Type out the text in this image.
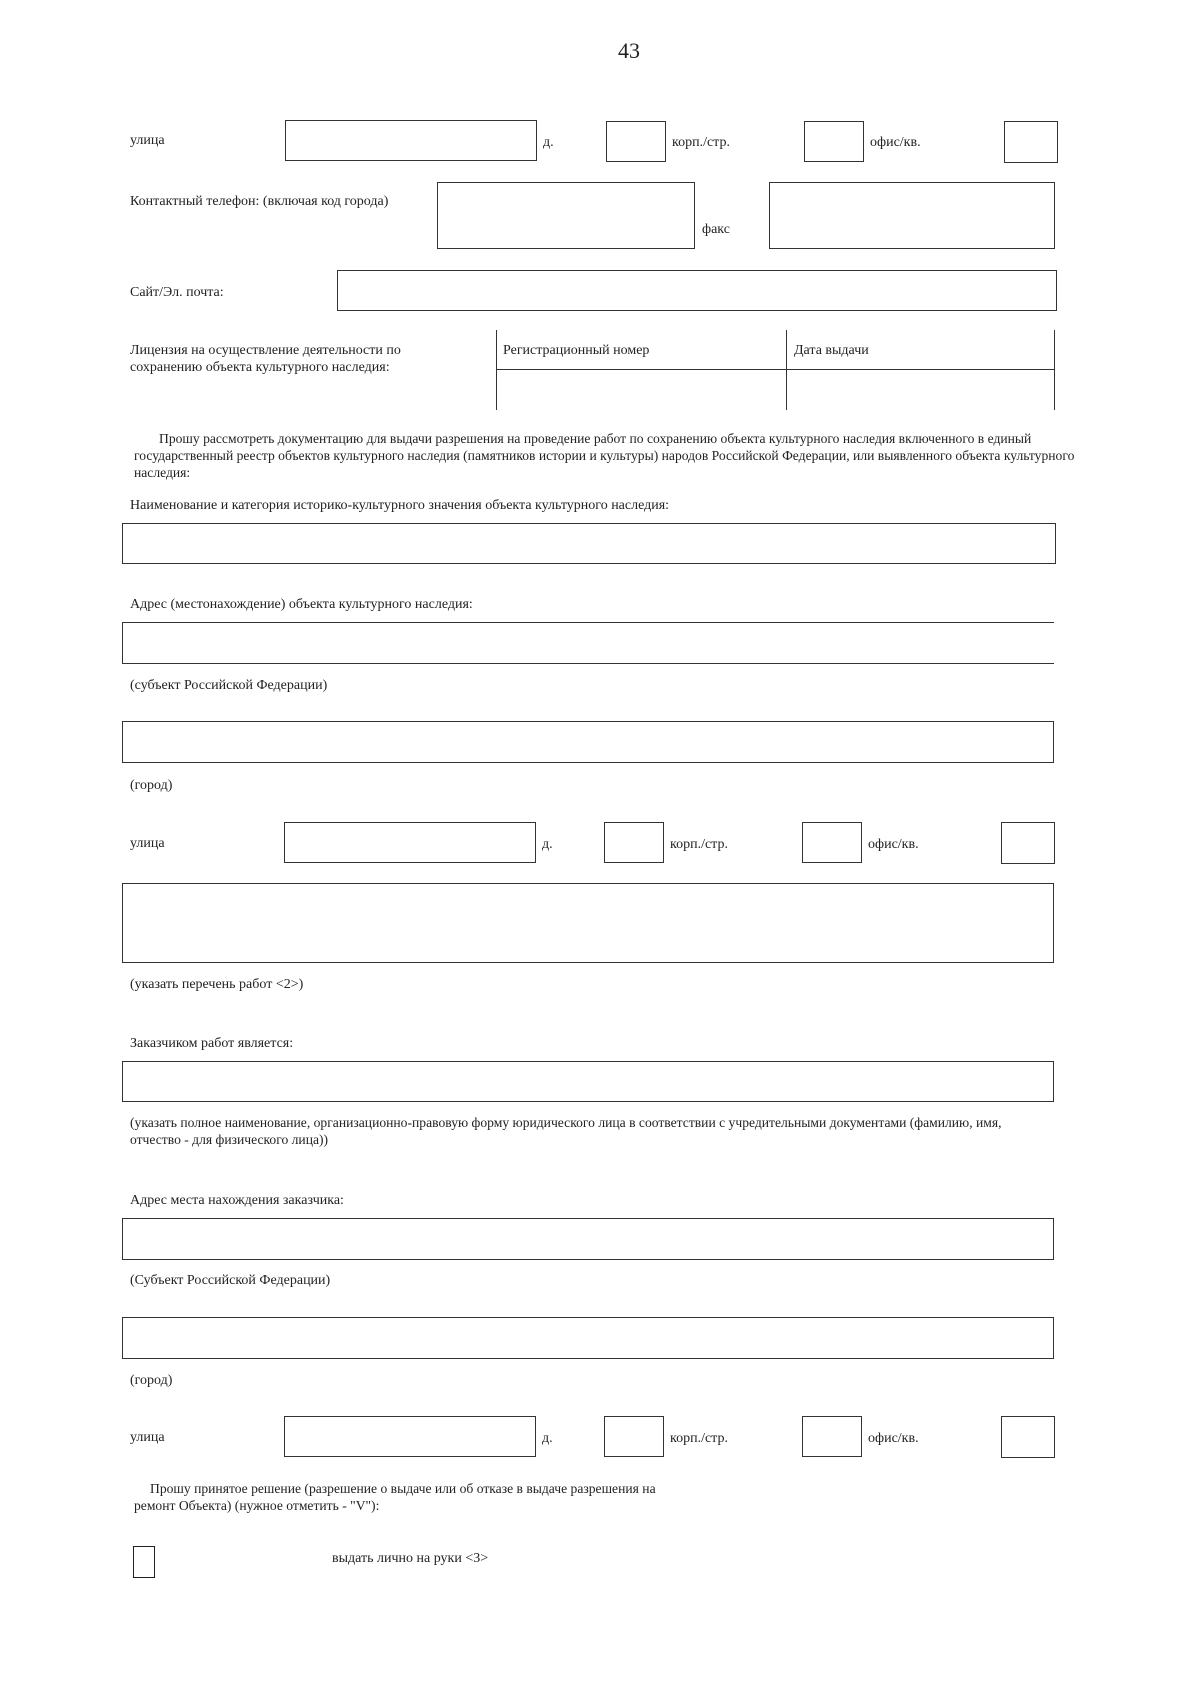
43
улица	д.	корп./стр.	офис/кв.
Контактный телефон: (включая код города)
факс
Сайт/Эл. почта:
Лицензия на осуществление деятельности по сохранению объекта культурного наследия:
Регистрационный номер	Дата выдачи
Прошу рассмотреть документацию для выдачи разрешения на проведение работ по сохранению объекта культурного наследия включенного в единый государственный реестр объектов культурного наследия (памятников истории и культуры) народов Российской Федерации, или выявленного объекта культурного наследия:
Наименование и категория историко-культурного значения объекта культурного наследия:
Адрес (местонахождение) объекта культурного наследия:
(субъект Российской Федерации)
(город)
улица	д.	корп./стр.	офис/кв.
(указать перечень работ <2>)
Заказчиком работ является:
(указать полное наименование, организационно-правовую форму юридического лица в соответствии с учредительными документами (фамилию, имя, отчество - для физического лица))
Адрес места нахождения заказчика:
(Субъект Российской Федерации)
(город)
улица	д.	корп./стр.	офис/кв.
Прошу принятое решение (разрешение о выдаче или об отказе в выдаче разрешения на ремонт Объекта) (нужное отметить - "V"):
выдать лично на руки <3>
